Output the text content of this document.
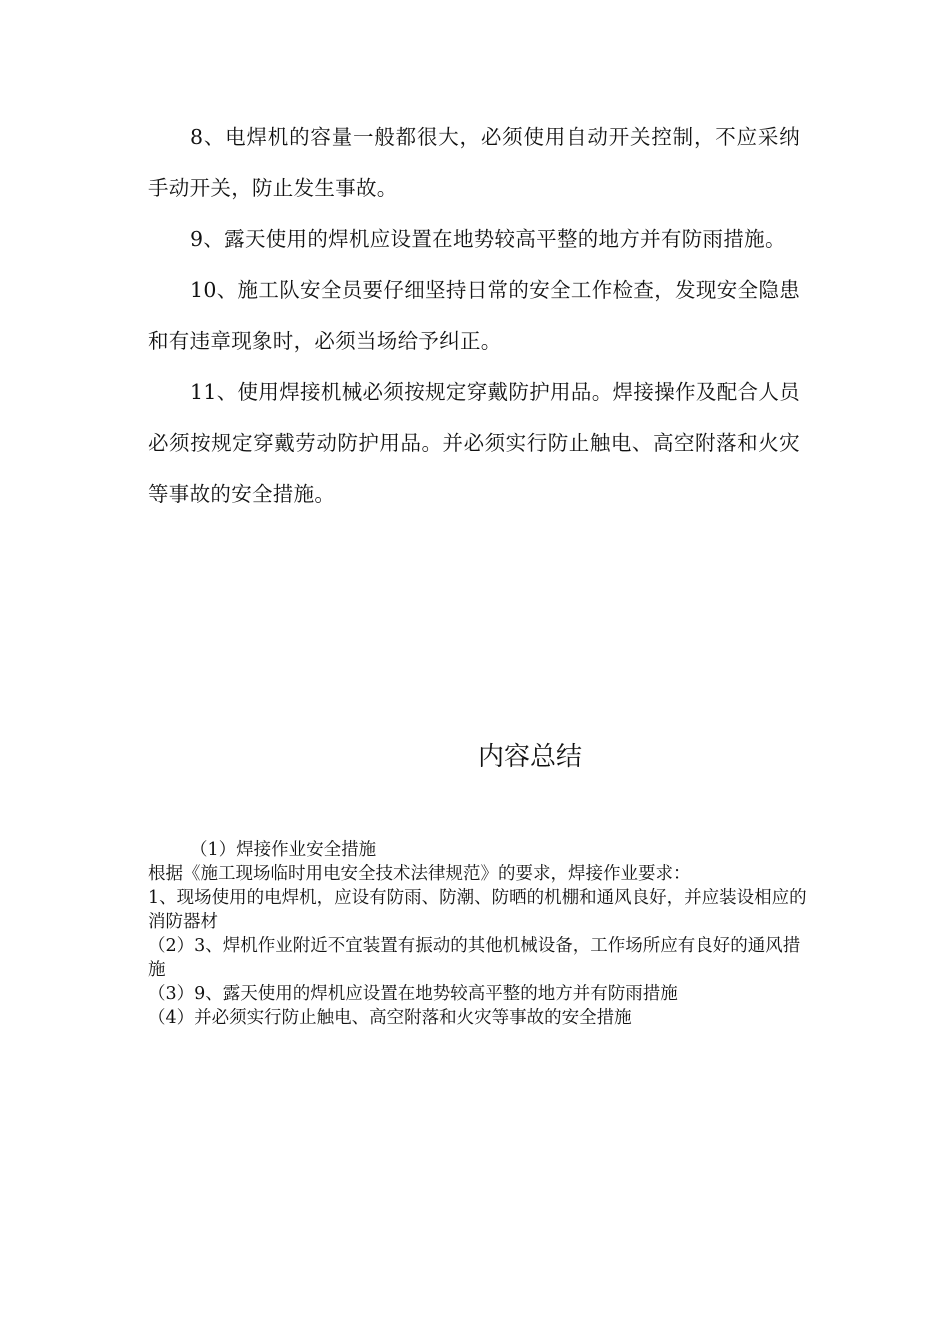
8、电焊机的容量一般都很大，必须使用自动开关控制，不应采纳手动开关，防止发生事故。

9、露天使用的焊机应设置在地势较高平整的地方并有防雨措施。

10、施工队安全员要仔细坚持日常的安全工作检查，发现安全隐患和有违章现象时，必须当场给予纠正。

11、使用焊接机械必须按规定穿戴防护用品。焊接操作及配合人员必须按规定穿戴劳动防护用品。并必须实行防止触电、高空附落和火灾等事故的安全措施。

内容总结

（1）焊接作业安全措施

根据《施工现场临时用电安全技术法律规范》的要求，焊接作业要求：

1、现场使用的电焊机，应设有防雨、防潮、防晒的机棚和通风良好，并应装设相应的消防器材

（2）3、焊机作业附近不宜装置有振动的其他机械设备，工作场所应有良好的通风措施

（3）9、露天使用的焊机应设置在地势较高平整的地方并有防雨措施

（4）并必须实行防止触电、高空附落和火灾等事故的安全措施
